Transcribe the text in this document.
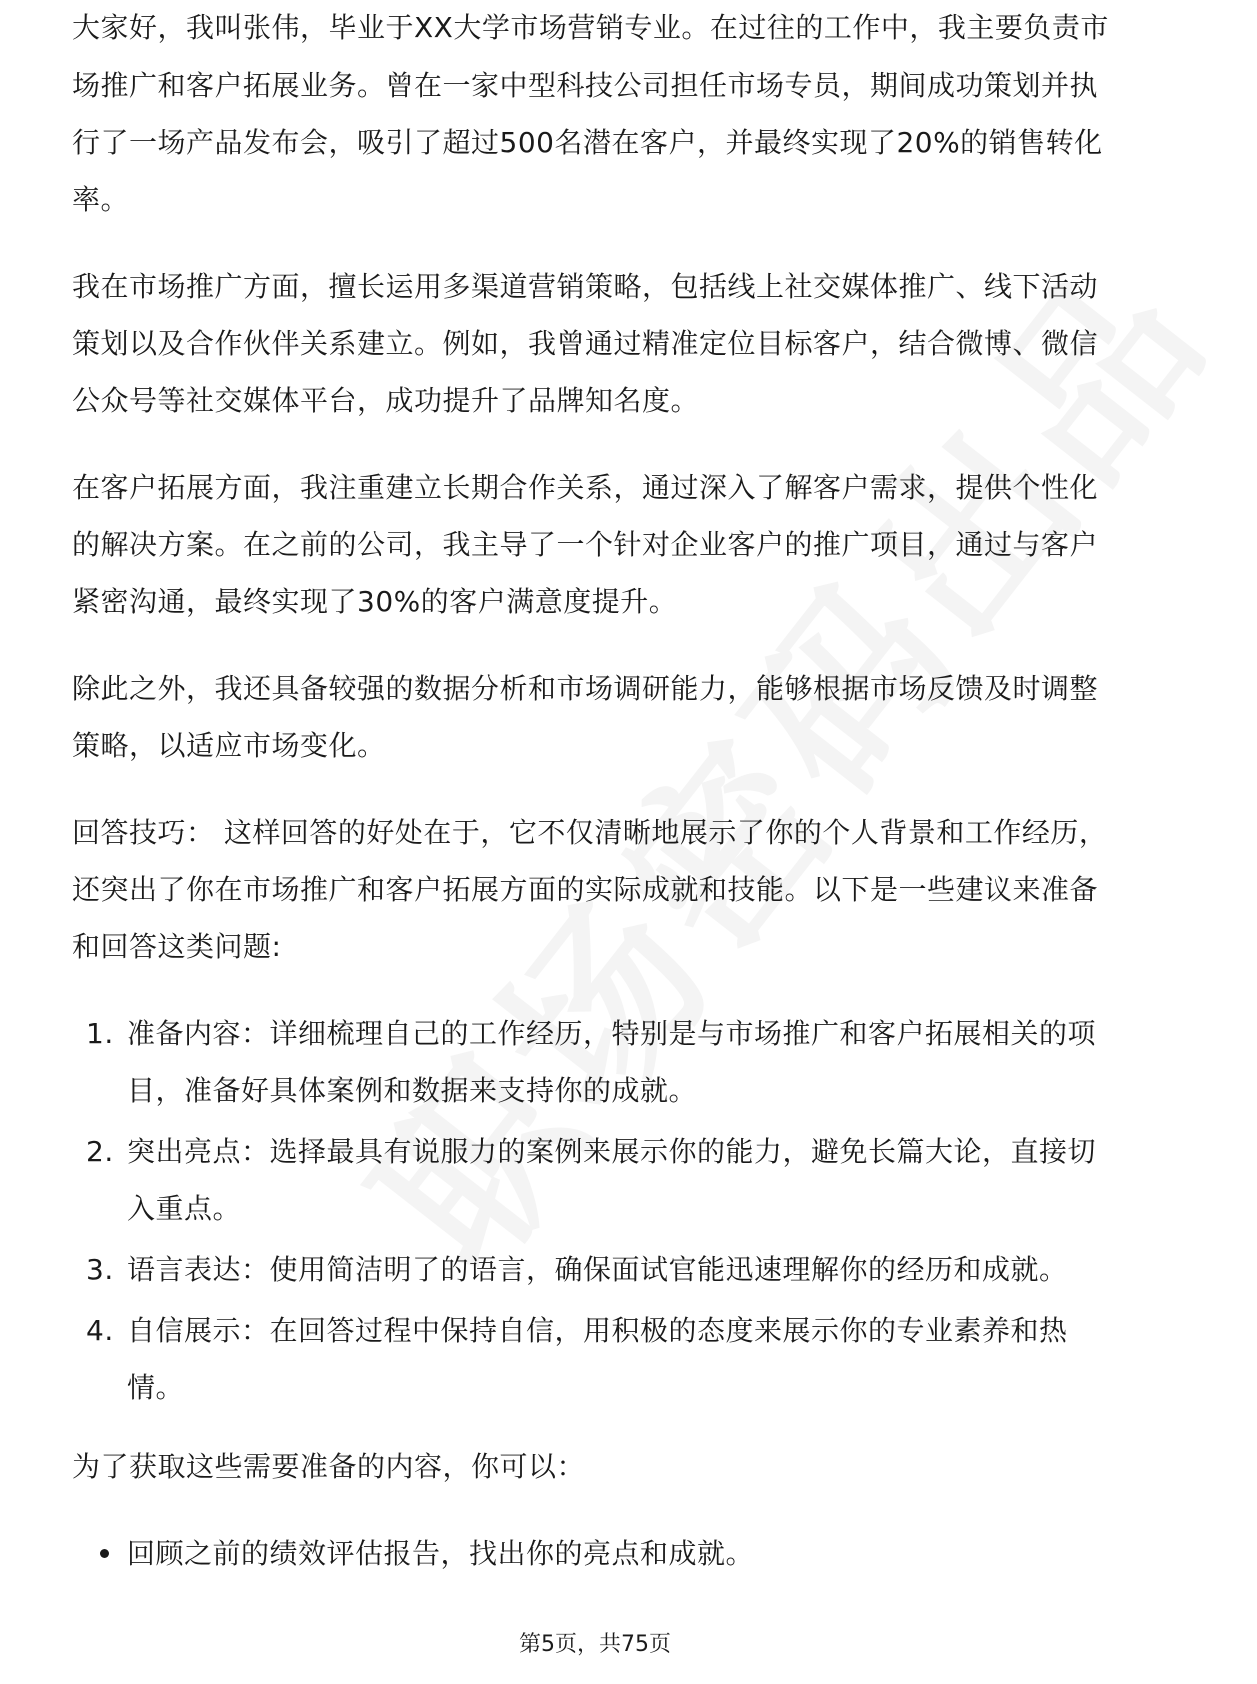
大家好，我叫张伟，毕业于XX大学市场营销专业。在过往的工作中，我主要负责市

场推广和客户拓展业务。曾在一家中型科技公司担任市场专员，期间成功策划并执行了一场产品发布会，吸引了超过500名潜在客户，并最终实现了20%的销售转化率。

我在市场推广方面，擅长运用多渠道营销策略，包括线上社交媒体推广、线下活动策划以及合作伙伴关系建立。例如，我曾通过精准定位目标客户，结合微博、微信公众号等社交媒体平台，成功提升了品牌知名度。

在客户拓展方面，我注重建立长期合作关系，通过深入了解客户需求，提供个性化的解决方案。在之前的公司，我主导了一个针对企业客户的推广项目，通过与客户紧密沟通，最终实现了30%的客户满意度提升。

除此之外，我还具备较强的数据分析和市场调研能力，能够根据市场反馈及时调整策略，以适应市场变化。

回答技巧： 这样回答的好处在于，它不仅清晰地展示了你的个人背景和工作经历，还突出了你在市场推广和客户拓展方面的实际成就和技能。以下是一些建议来准备和回答这类问题:

1. 准备内容：详细梳理自己的工作经历，特别是与市场推广和客户拓展相关的项目，准备好具体案例和数据来支持你的成就。
2. 突出亮点：选择最具有说服力的案例来展示你的能力，避免长篇大论，直接切入重点。
3. 语言表达：使用简洁明了的语言，确保面试官能迅速理解你的经历和成就。
4. 自信展示：在回答过程中保持自信，用积极的态度来展示你的专业素养和热情。

为了获取这些需要准备的内容，你可以：

回顾之前的绩效评估报告，找出你的亮点和成就。
第5页，共75页
